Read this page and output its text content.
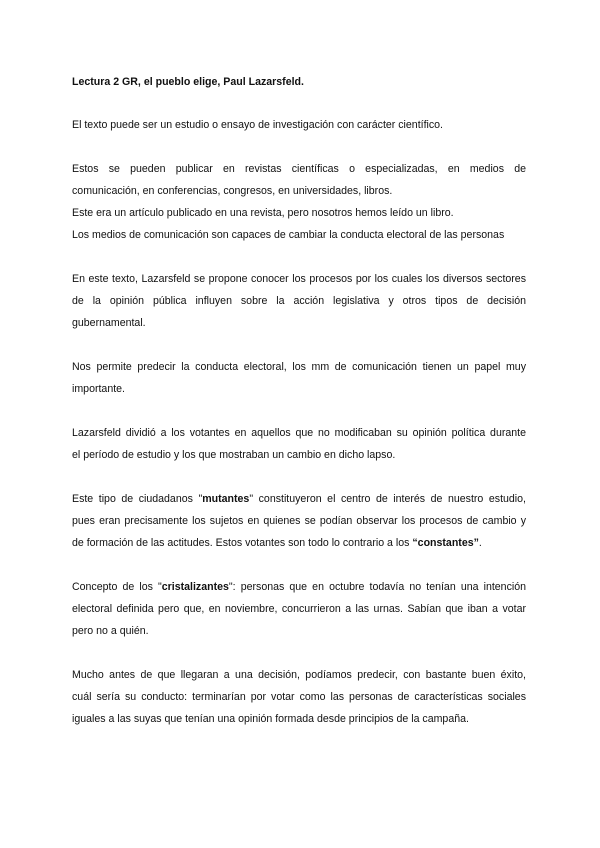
Lectura 2 GR, el pueblo elige, Paul Lazarsfeld.
El texto puede ser un estudio o ensayo de investigación con carácter científico.
Estos se pueden publicar en revistas científicas o especializadas, en medios de
comunicación, en conferencias, congresos, en universidades, libros.
Este era un artículo publicado en una revista, pero nosotros hemos leído un libro.
Los medios de comunicación son capaces de cambiar la conducta electoral de las personas
En este texto, Lazarsfeld se propone conocer los procesos por los cuales los diversos sectores
de la opinión pública influyen sobre la acción legislativa y otros tipos de decisión
gubernamental.
Nos permite predecir la conducta electoral, los mm de comunicación tienen un papel muy
importante.
Lazarsfeld dividió a los votantes en aquellos que no modificaban su opinión política durante
el período de estudio y los que mostraban un cambio en dicho lapso.
Este tipo de ciudadanos "mutantes" constituyeron el centro de interés de nuestro estudio,
pues eran precisamente los sujetos en quienes se podían observar los procesos de cambio y
de formación de las actitudes. Estos votantes son todo lo contrario a los “constantes”.
Concepto de los "cristalizantes": personas que en octubre todavía no tenían una intención
electoral definida pero que, en noviembre, concurrieron a las urnas. Sabían que iban a votar
pero no a quién.
Mucho antes de que llegaran a una decisión, podíamos predecir, con bastante buen éxito,
cuál sería su conducto: terminarían por votar como las personas de características sociales
iguales a las suyas que tenían una opinión formada desde principios de la campaña.
